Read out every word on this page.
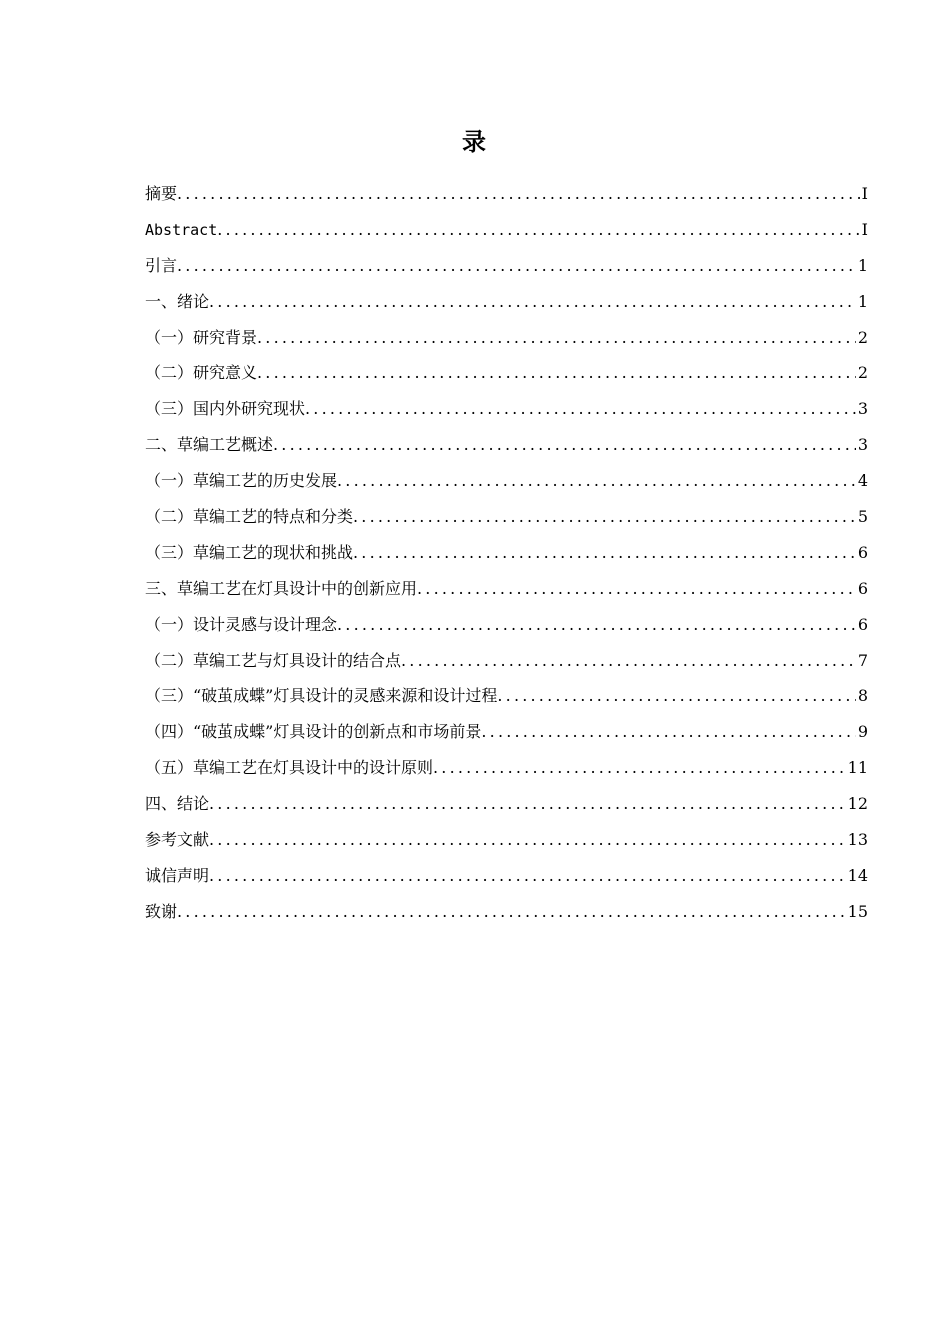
录
摘要 .....	I
Abstract .....	I
引言 .....	1
一、绪论 .....	1
（一）研究背景 .....	2
（二）研究意义 .....	2
（三）国内外研究现状 .....	3
二、草编工艺概述 .....	3
（一）草编工艺的历史发展 .....	4
（二）草编工艺的特点和分类 .....	5
（三）草编工艺的现状和挑战 .....	6
三、草编工艺在灯具设计中的创新应用 .....	6
（一）设计灵感与设计理念 .....	6
（二）草编工艺与灯具设计的结合点 .....	7
（三）“破茧成蝶”灯具设计的灵感来源和设计过程 .....	8
（四）“破茧成蝶”灯具设计的创新点和市场前景 .....	9
（五）草编工艺在灯具设计中的设计原则 .....	11
四、结论 .....	12
参考文献 .....	13
诚信声明 .....	14
致谢 .....	15
